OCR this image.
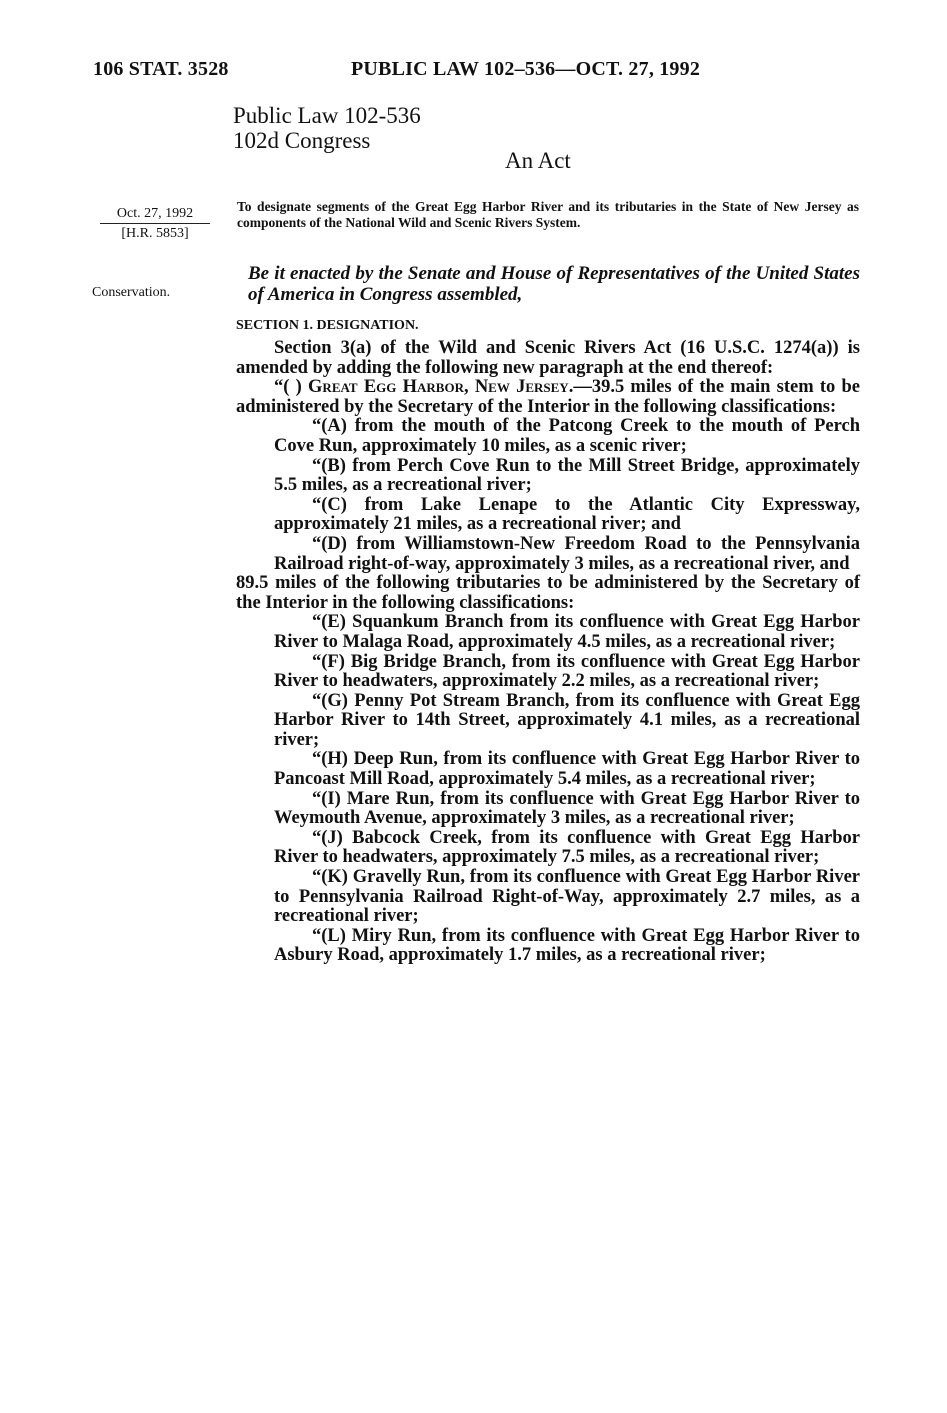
106 STAT. 3528	PUBLIC LAW 102–536—OCT. 27, 1992
Public Law 102-536
102d Congress
An Act
Oct. 27, 1992
[H.R. 5853]
Conservation.
To designate segments of the Great Egg Harbor River and its tributaries in the State of New Jersey as components of the National Wild and Scenic Rivers System.
Be it enacted by the Senate and House of Representatives of the United States of America in Congress assembled,
SECTION 1. DESIGNATION.

Section 3(a) of the Wild and Scenic Rivers Act (16 U.S.C. 1274(a)) is amended by adding the following new paragraph at the end thereof:

“( ) Great Egg Harbor, New Jersey.—39.5 miles of the main stem to be administered by the Secretary of the Interior in the following classifications:

“(A) from the mouth of the Patcong Creek to the mouth of Perch Cove Run, approximately 10 miles, as a scenic river;

“(B) from Perch Cove Run to the Mill Street Bridge, approximately 5.5 miles, as a recreational river;

“(C) from Lake Lenape to the Atlantic City Expressway, approximately 21 miles, as a recreational river; and

“(D) from Williamstown-New Freedom Road to the Pennsylvania Railroad right-of-way, approximately 3 miles, as a recreational river, and

89.5 miles of the following tributaries to be administered by the Secretary of the Interior in the following classifications:

“(E) Squankum Branch from its confluence with Great Egg Harbor River to Malaga Road, approximately 4.5 miles, as a recreational river;

“(F) Big Bridge Branch, from its confluence with Great Egg Harbor River to headwaters, approximately 2.2 miles, as a recreational river;

“(G) Penny Pot Stream Branch, from its confluence with Great Egg Harbor River to 14th Street, approximately 4.1 miles, as a recreational river;

“(H) Deep Run, from its confluence with Great Egg Harbor River to Pancoast Mill Road, approximately 5.4 miles, as a recreational river;

“(I) Mare Run, from its confluence with Great Egg Harbor River to Weymouth Avenue, approximately 3 miles, as a recreational river;

“(J) Babcock Creek, from its confluence with Great Egg Harbor River to headwaters, approximately 7.5 miles, as a recreational river;

“(K) Gravelly Run, from its confluence with Great Egg Harbor River to Pennsylvania Railroad Right-of-Way, approximately 2.7 miles, as a recreational river;

“(L) Miry Run, from its confluence with Great Egg Harbor River to Asbury Road, approximately 1.7 miles, as a recreational river;
